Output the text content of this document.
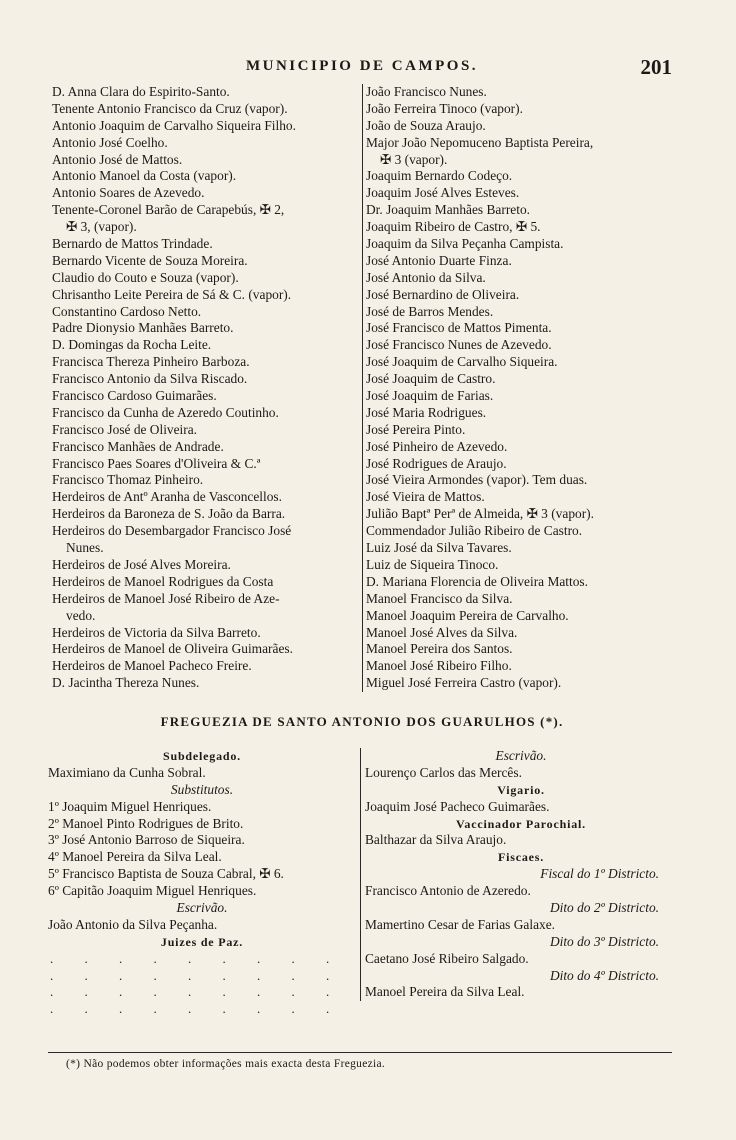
MUNICIPIO DE CAMPOS.	201
D. Anna Clara do Espirito-Santo.
Tenente Antonio Francisco da Cruz (vapor).
Antonio Joaquim de Carvalho Siqueira Filho.
Antonio José Coelho.
Antonio José de Mattos.
Antonio Manoel da Costa (vapor).
Antonio Soares de Azevedo.
Tenente-Coronel Barão de Carapebús, ✠ 2,
✠ 3, (vapor).
Bernardo de Mattos Trindade.
Bernardo Vicente de Souza Moreira.
Claudio do Couto e Souza (vapor).
Chrisantho Leite Pereira de Sá & C. (vapor).
Constantino Cardoso Netto.
Padre Dionysio Manhães Barreto.
D. Domingas da Rocha Leite.
Francisca Thereza Pinheiro Barboza.
Francisco Antonio da Silva Riscado.
Francisco Cardoso Guimarães.
Francisco da Cunha de Azeredo Coutinho.
Francisco José de Oliveira.
Francisco Manhães de Andrade.
Francisco Paes Soares d'Oliveira & C.ª
Francisco Thomaz Pinheiro.
Herdeiros de Antº Aranha de Vasconcellos.
Herdeiros da Baroneza de S. João da Barra.
Herdeiros do Desembargador Francisco José
Nunes.
Herdeiros de José Alves Moreira.
Herdeiros de Manoel Rodrigues da Costa
Herdeiros de Manoel José Ribeiro de Aze-
vedo.
Herdeiros de Victoria da Silva Barreto.
Herdeiros de Manoel de Oliveira Guimarães.
Herdeiros de Manoel Pacheco Freire.
D. Jacintha Thereza Nunes.
João Francisco Nunes.
João Ferreira Tinoco (vapor).
João de Souza Araujo.
Major João Nepomuceno Baptista Pereira,
✠ 3 (vapor).
Joaquim Bernardo Codeço.
Joaquim José Alves Esteves.
Dr. Joaquim Manhães Barreto.
Joaquim Ribeiro de Castro, ✠ 5.
Joaquim da Silva Peçanha Campista.
José Antonio Duarte Finza.
José Antonio da Silva.
José Bernardino de Oliveira.
José de Barros Mendes.
José Francisco de Mattos Pimenta.
José Francisco Nunes de Azevedo.
José Joaquim de Carvalho Siqueira.
José Joaquim de Castro.
José Joaquim de Farias.
José Maria Rodrigues.
José Pereira Pinto.
José Pinheiro de Azevedo.
José Rodrigues de Araujo.
José Vieira Armondes (vapor). Tem duas.
José Vieira de Mattos.
Julião Baptª Perª de Almeida, ✠ 3 (vapor).
Commendador Julião Ribeiro de Castro.
Luiz José da Silva Tavares.
Luiz de Siqueira Tinoco.
D. Mariana Florencia de Oliveira Mattos.
Manoel Francisco da Silva.
Manoel Joaquim Pereira de Carvalho.
Manoel José Alves da Silva.
Manoel Pereira dos Santos.
Manoel José Ribeiro Filho.
Miguel José Ferreira Castro (vapor).
FREGUEZIA DE SANTO ANTONIO DOS GUARULHOS (*).
Subdelegado.
Maximiano da Cunha Sobral.
Substitutos.
1º Joaquim Miguel Henriques.
2º Manoel Pinto Rodrigues de Brito.
3º José Antonio Barroso de Siqueira.
4º Manoel Pereira da Silva Leal.
5º Francisco Baptista de Souza Cabral, ✠ 6.
6º Capitão Joaquim Miguel Henriques.
Escrivão.
João Antonio da Silva Peçanha.
Juizes de Paz.
. . . . . . . . .
. . . . . . . . .
. . . . . . . . .
. . . . . . . . .
Escrivão.
Lourenço Carlos das Mercês.
Vigario.
Joaquim José Pacheco Guimarães.
Vaccinador Parochial.
Balthazar da Silva Araujo.
Fiscaes.
Fiscal do 1º Districto.
Francisco Antonio de Azeredo.
Dito do 2º Districto.
Mamertino Cesar de Farias Galaxe.
Dito do 3º Districto.
Caetano José Ribeiro Salgado.
Dito do 4º Districto.
Manoel Pereira da Silva Leal.
(*) Não podemos obter informações mais exacta desta Freguezia.
